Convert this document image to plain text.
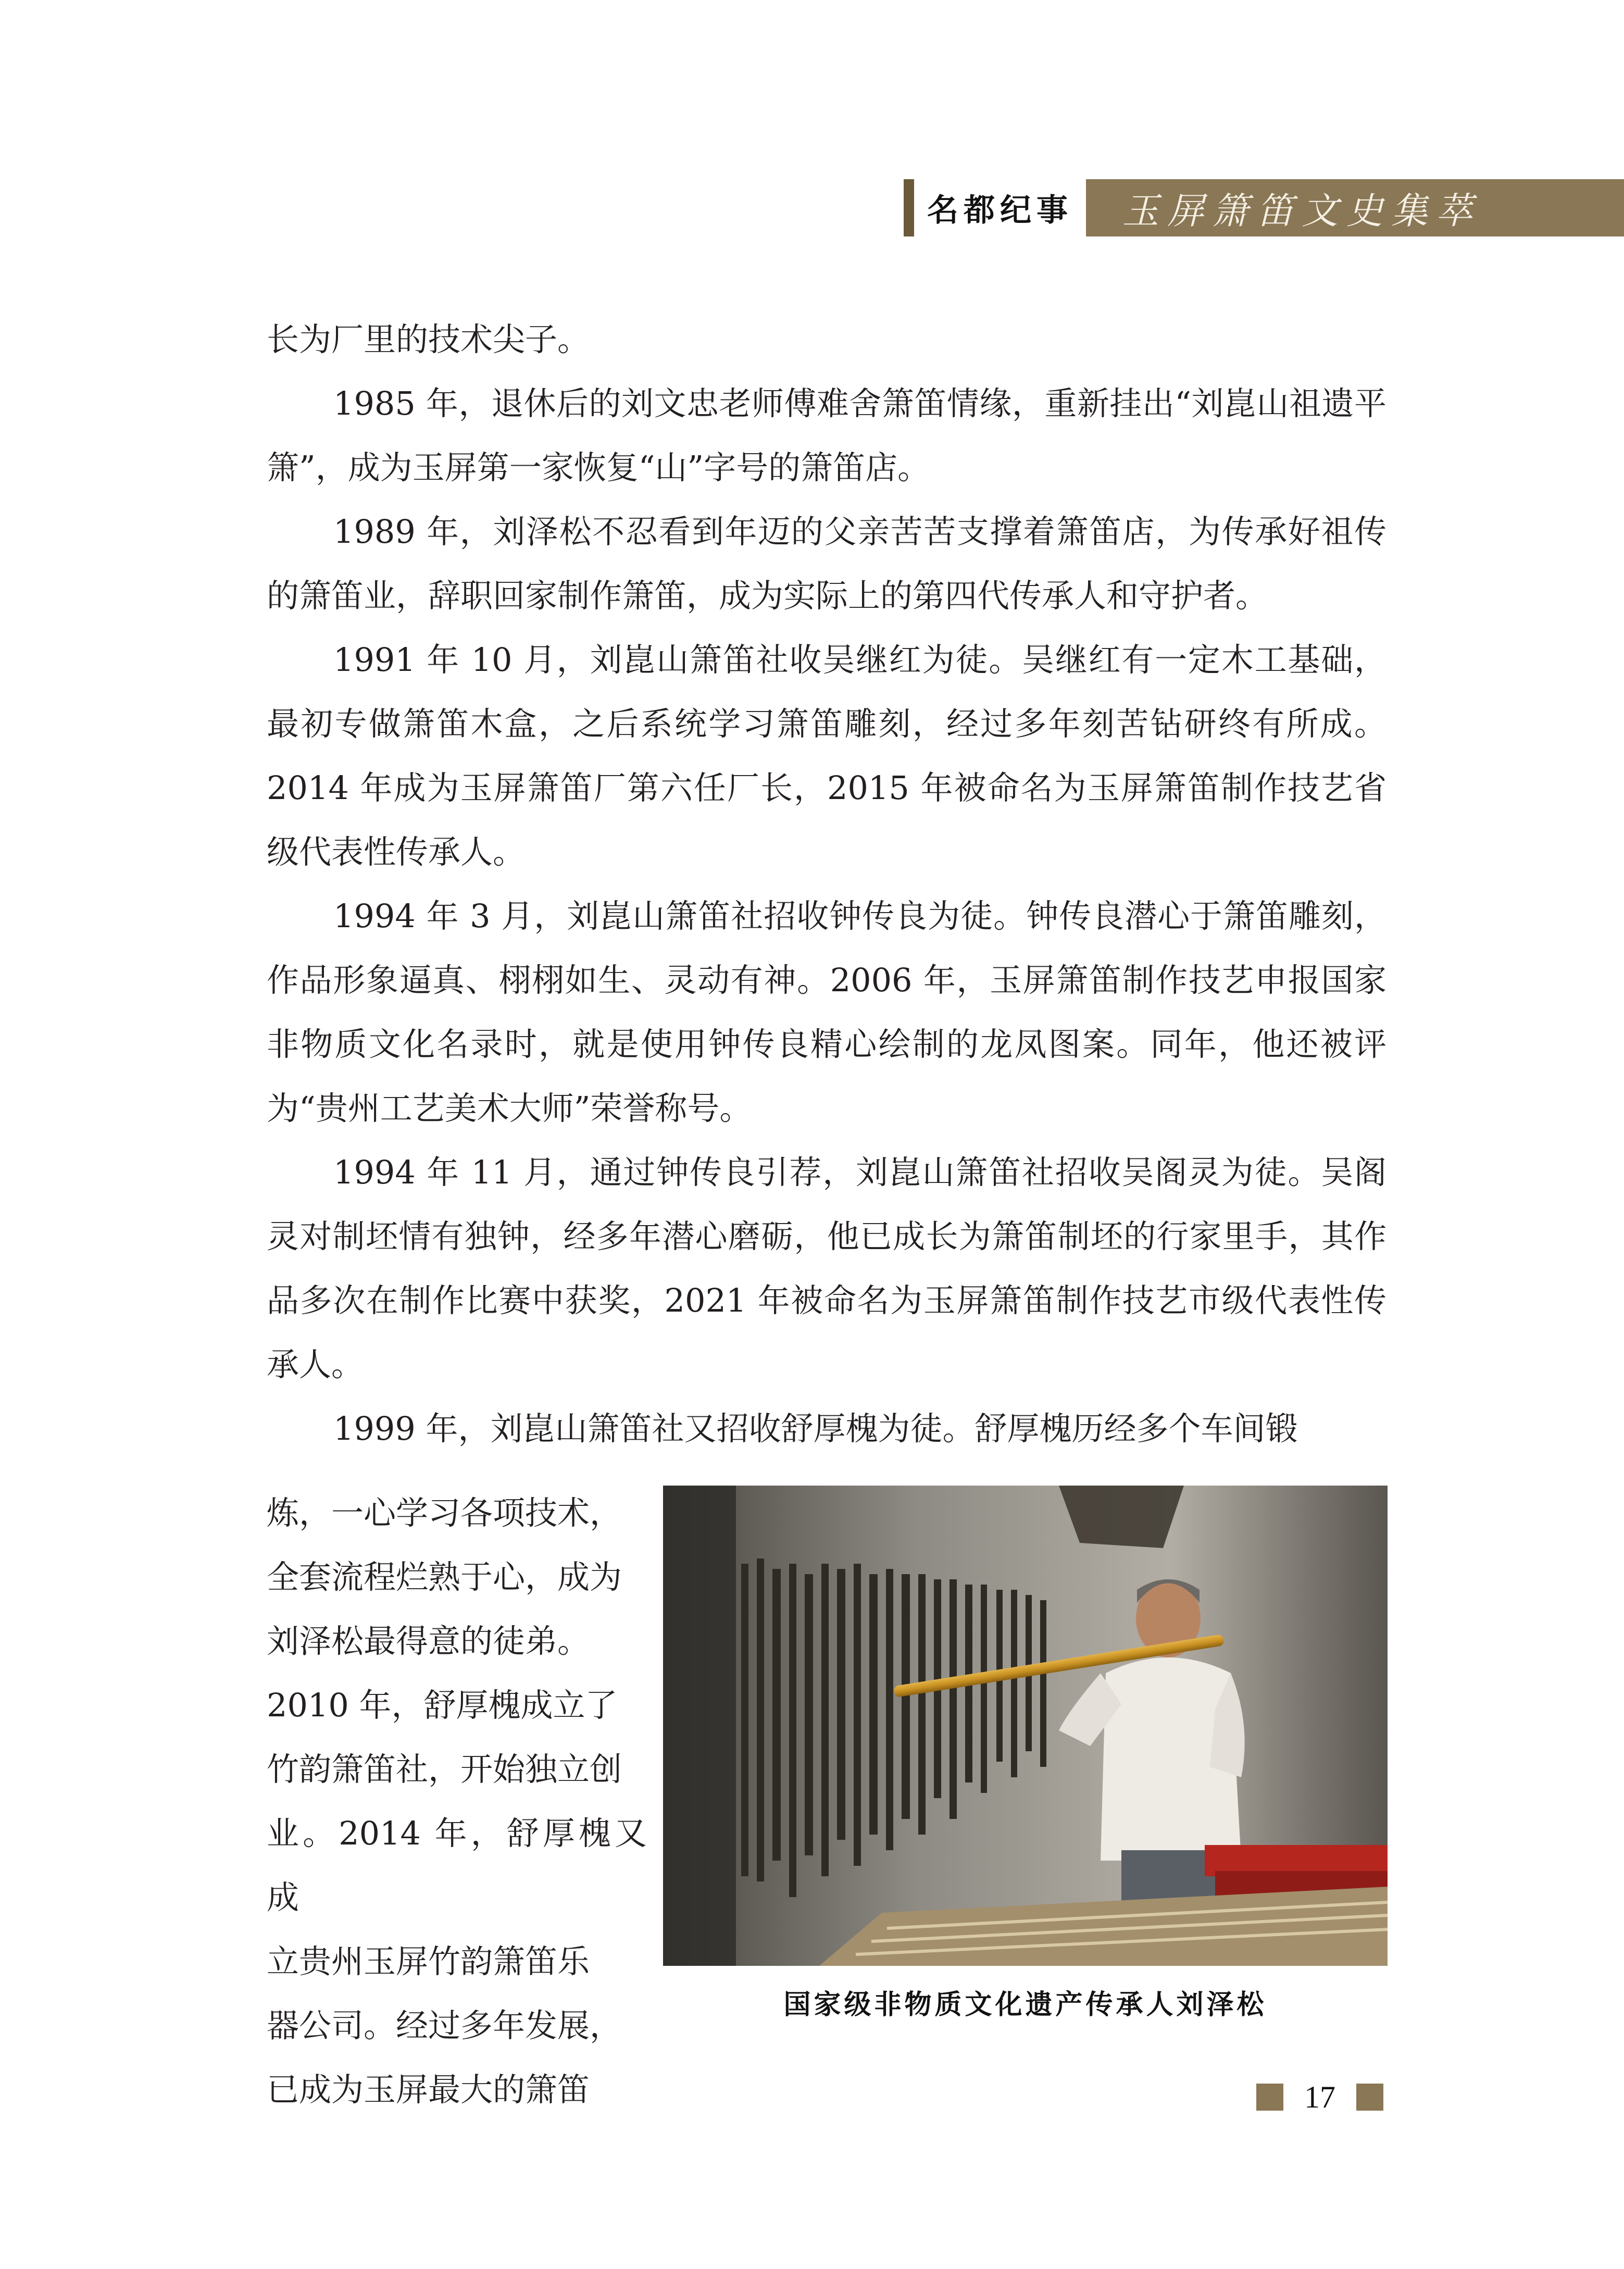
名都纪事	玉屏箫笛文史集萃

长为厂里的技术尖子。

1985 年，退休后的刘文忠老师傅难舍箫笛情缘，重新挂出“刘崑山祖遗平箫”，成为玉屏第一家恢复“山”字号的箫笛店。

1989 年，刘泽松不忍看到年迈的父亲苦苦支撑着箫笛店，为传承好祖传的箫笛业，辞职回家制作箫笛，成为实际上的第四代传承人和守护者。

1991 年 10 月，刘崑山箫笛社收吴继红为徒。吴继红有一定木工基础，最初专做箫笛木盒，之后系统学习箫笛雕刻，经过多年刻苦钻研终有所成。2014 年成为玉屏箫笛厂第六任厂长，2015 年被命名为玉屏箫笛制作技艺省级代表性传承人。

1994 年 3 月，刘崑山箫笛社招收钟传良为徒。钟传良潜心于箫笛雕刻，作品形象逼真、栩栩如生、灵动有神。2006 年，玉屏箫笛制作技艺申报国家非物质文化名录时，就是使用钟传良精心绘制的龙凤图案。同年，他还被评为“贵州工艺美术大师”荣誉称号。

1994 年 11 月，通过钟传良引荐，刘崑山箫笛社招收吴阁灵为徒。吴阁灵对制坯情有独钟，经多年潜心磨砺，他已成长为箫笛制坯的行家里手，其作品多次在制作比赛中获奖，2021 年被命名为玉屏箫笛制作技艺市级代表性传承人。

1999 年，刘崑山箫笛社又招收舒厚槐为徒。舒厚槐历经多个车间锻

炼，一心学习各项技术，

全套流程烂熟于心，成为

刘泽松最得意的徒弟。

2010 年，舒厚槐成立了

竹韵箫笛社，开始独立创

业。2014 年，舒厚槐又成

立贵州玉屏竹韵箫笛乐

器公司。经过多年发展，

已成为玉屏最大的箫笛

国家级非物质文化遗产传承人刘泽松
17
